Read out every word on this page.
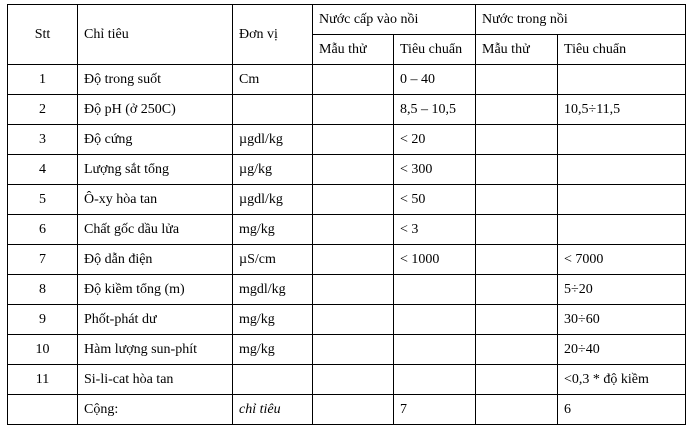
Stt	Chỉ tiêu	Đơn vị	Nước cấp vào nồi		Nước trong nồi	
			Mẫu thử	Tiêu chuẩn	Mẫu thử	Tiêu chuẩn
1	Độ trong suốt	Cm		0 – 40		
2	Độ pH (ở 250C)			8,5 – 10,5		10,5÷11,5
3	Độ cứng	µgdl/kg		< 20		
4	Lượng sắt tổng	µg/kg		< 300		
5	Ô-xy hòa tan	µgdl/kg		< 50		
6	Chất gốc dầu lửa	mg/kg		< 3		
7	Độ dẫn điện	µS/cm		< 1000		< 7000
8	Độ kiềm tổng (m)	mgdl/kg				5÷20
9	Phốt-phát dư	mg/kg				30÷60
10	Hàm lượng sun-phít	mg/kg				20÷40
11	Si-li-cat hòa tan					<0,3 * độ kiềm
	Cộng:	chỉ tiêu		7		6
